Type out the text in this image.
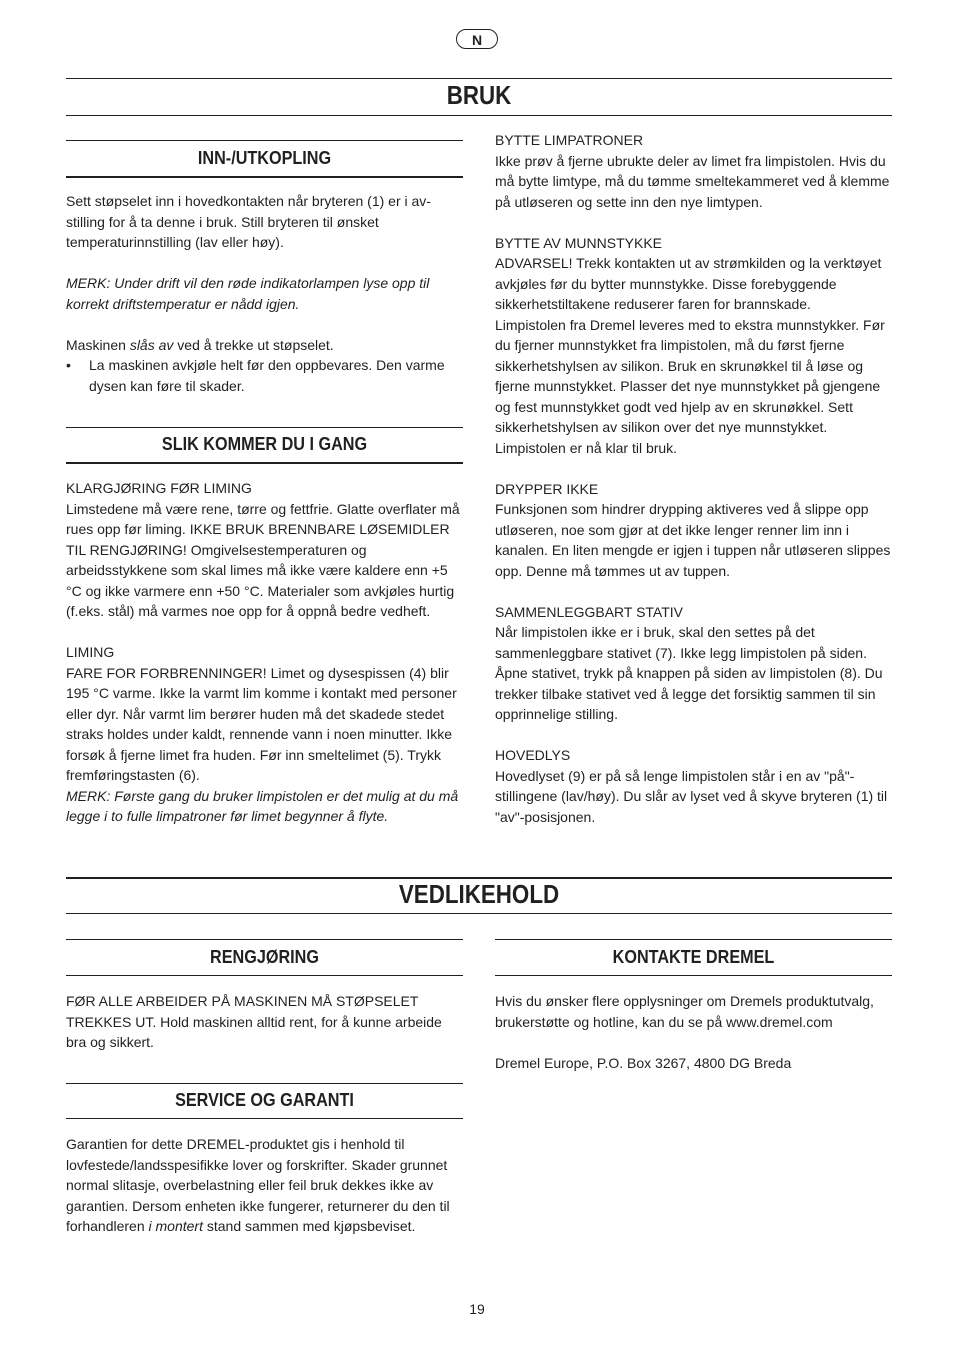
N
BRUK
INN-/UTKOPLING

Sett støpselet inn i hovedkontakten når bryteren (1) er i av-stilling for å ta denne i bruk. Still bryteren til ønsket temperaturinnstilling (lav eller høy).

MERK: Under drift vil den røde indikatorlampen lyse opp til korrekt driftstemperatur er nådd igjen.

Maskinen slås av ved å trekke ut støpselet.

• La maskinen avkjøle helt før den oppbevares. Den varme dysen kan føre til skader.
SLIK KOMMER DU I GANG

KLARGJØRING FØR LIMING

Limstedene må være rene, tørre og fettfrie. Glatte overflater må rues opp før liming. IKKE BRUK BRENNBARE LØSEMIDLER TIL RENGJØRING! Omgivelsestemperaturen og arbeidsstykkene som skal limes må ikke være kaldere enn +5 °C og ikke varmere enn +50 °C. Materialer som avkjøles hurtig (f.eks. stål) må varmes noe opp for å oppnå bedre vedheft.

LIMING

FARE FOR FORBRENNINGER! Limet og dysespissen (4) blir 195 °C varme. Ikke la varmt lim komme i kontakt med personer eller dyr. Når varmt lim berører huden må det skadede stedet straks holdes under kaldt, rennende vann i noen minutter. Ikke forsøk å fjerne limet fra huden. Før inn smeltelimet (5). Trykk fremføringstasten (6).

MERK: Første gang du bruker limpistolen er det mulig at du må legge i to fulle limpatroner før limet begynner å flyte.

BYTTE LIMPATRONER

Ikke prøv å fjerne ubrukte deler av limet fra limpistolen. Hvis du må bytte limtype, må du tømme smeltekammeret ved å klemme på utløseren og sette inn den nye limtypen.

BYTTE AV MUNNSTYKKE

ADVARSEL! Trekk kontakten ut av strømkilden og la verktøyet avkjøles før du bytter munnstykke. Disse forebyggende sikkerhetstiltakene reduserer faren for brannskade.

Limpistolen fra Dremel leveres med to ekstra munnstykker. Før du fjerner munnstykket fra limpistolen, må du først fjerne sikkerhetshylsen av silikon. Bruk en skrunøkkel til å løse og fjerne munnstykket. Plasser det nye munnstykket på gjengene og fest munnstykket godt ved hjelp av en skrunøkkel. Sett sikkerhetshylsen av silikon over det nye munnstykket. Limpistolen er nå klar til bruk.

DRYPPER IKKE

Funksjonen som hindrer drypping aktiveres ved å slippe opp utløseren, noe som gjør at det ikke lenger renner lim inn i kanalen. En liten mengde er igjen i tuppen når utløseren slippes opp. Denne må tømmes ut av tuppen.

SAMMENLEGGBART STATIV

Når limpistolen ikke er i bruk, skal den settes på det sammenleggbare stativet (7). Ikke legg limpistolen på siden. Åpne stativet, trykk på knappen på siden av limpistolen (8). Du trekker tilbake stativet ved å legge det forsiktig sammen til sin opprinnelige stilling.

HOVEDLYS

Hovedlyset (9) er på så lenge limpistolen står i en av "på"-stillingene (lav/høy). Du slår av lyset ved å skyve bryteren (1) til "av"-posisjonen.

VEDLIKEHOLD
RENGJØRING

FØR ALLE ARBEIDER PÅ MASKINEN MÅ STØPSELET TREKKES UT. Hold maskinen alltid rent, for å kunne arbeide bra og sikkert.

SERVICE OG GARANTI

Garantien for dette DREMEL-produktet gis i henhold til lovfestede/landsspesifikke lover og forskrifter. Skader grunnet normal slitasje, overbelastning eller feil bruk dekkes ikke av garantien. Dersom enheten ikke fungerer, returnerer du den til forhandleren i montert stand sammen med kjøpsbeviset.

KONTAKTE DREMEL

Hvis du ønsker flere opplysninger om Dremels produktutvalg, brukerstøtte og hotline, kan du se på www.dremel.com

Dremel Europe, P.O. Box 3267, 4800 DG Breda

19
